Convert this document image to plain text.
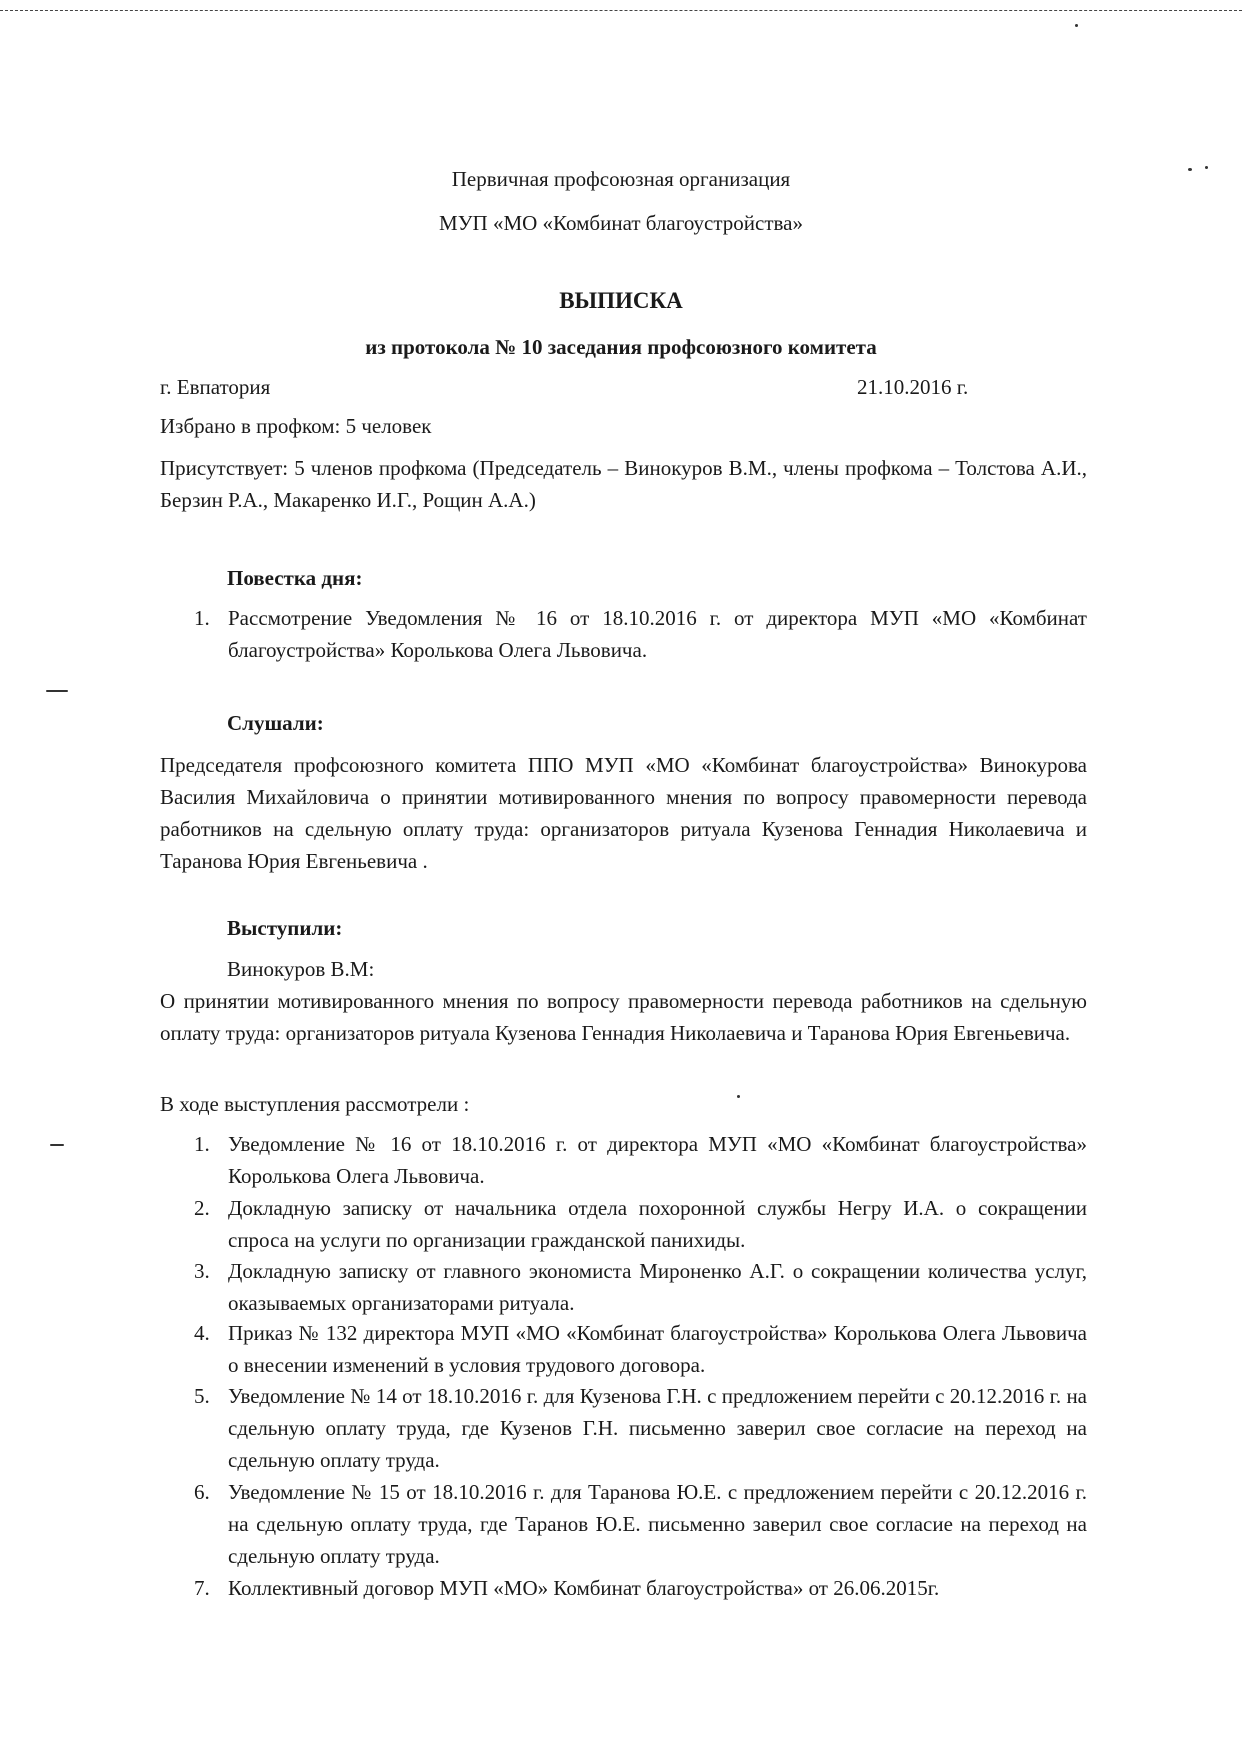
Первичная профсоюзная организация

МУП «МО «Комбинат благоустройства»

ВЫПИСКА

из протокола № 10 заседания профсоюзного комитета

г. Евпатория	21.10.2016 г.

Избрано в профком: 5 человек

Присутствует: 5 членов профкома (Председатель – Винокуров В.М., члены профкома – Толстова А.И., Берзин Р.А., Макаренко И.Г., Рощин А.А.)

Повестка дня:

1. Рассмотрение Уведомления № 16 от 18.10.2016 г. от директора МУП «МО «Комбинат благоустройства» Королькова Олега Львовича.

Слушали:

Председателя профсоюзного комитета ППО МУП «МО «Комбинат благоустройства» Винокурова Василия Михайловича о принятии мотивированного мнения по вопросу правомерности перевода работников на сдельную оплату труда: организаторов ритуала Кузенова Геннадия Николаевича и Таранова Юрия Евгеньевича .

Выступили:

Винокуров В.М:

О принятии мотивированного мнения по вопросу правомерности перевода работников на сдельную оплату труда: организаторов ритуала Кузенова Геннадия Николаевича и Таранова Юрия Евгеньевича.

В ходе выступления рассмотрели :

1. Уведомление № 16 от 18.10.2016 г. от директора МУП «МО «Комбинат благоустройства» Королькова Олега Львовича.

2. Докладную записку от начальника отдела похоронной службы Негру И.А. о сокращении спроса на услуги по организации гражданской панихиды.

3. Докладную записку от главного экономиста Мироненко А.Г. о сокращении количества услуг, оказываемых организаторами ритуала.

4. Приказ № 132 директора МУП «МО «Комбинат благоустройства» Королькова Олега Львовича о внесении изменений в условия трудового договора.

5. Уведомление № 14 от 18.10.2016 г. для Кузенова Г.Н. с предложением перейти с 20.12.2016 г. на сдельную оплату труда, где Кузенов Г.Н. письменно заверил свое согласие на переход на сдельную оплату труда.

6. Уведомление № 15 от 18.10.2016 г. для Таранова Ю.Е. с предложением перейти с 20.12.2016 г. на сдельную оплату труда, где Таранов Ю.Е. письменно заверил свое согласие на переход на сдельную оплату труда.

7. Коллективный договор МУП «МО» Комбинат благоустройства» от 26.06.2015г.
